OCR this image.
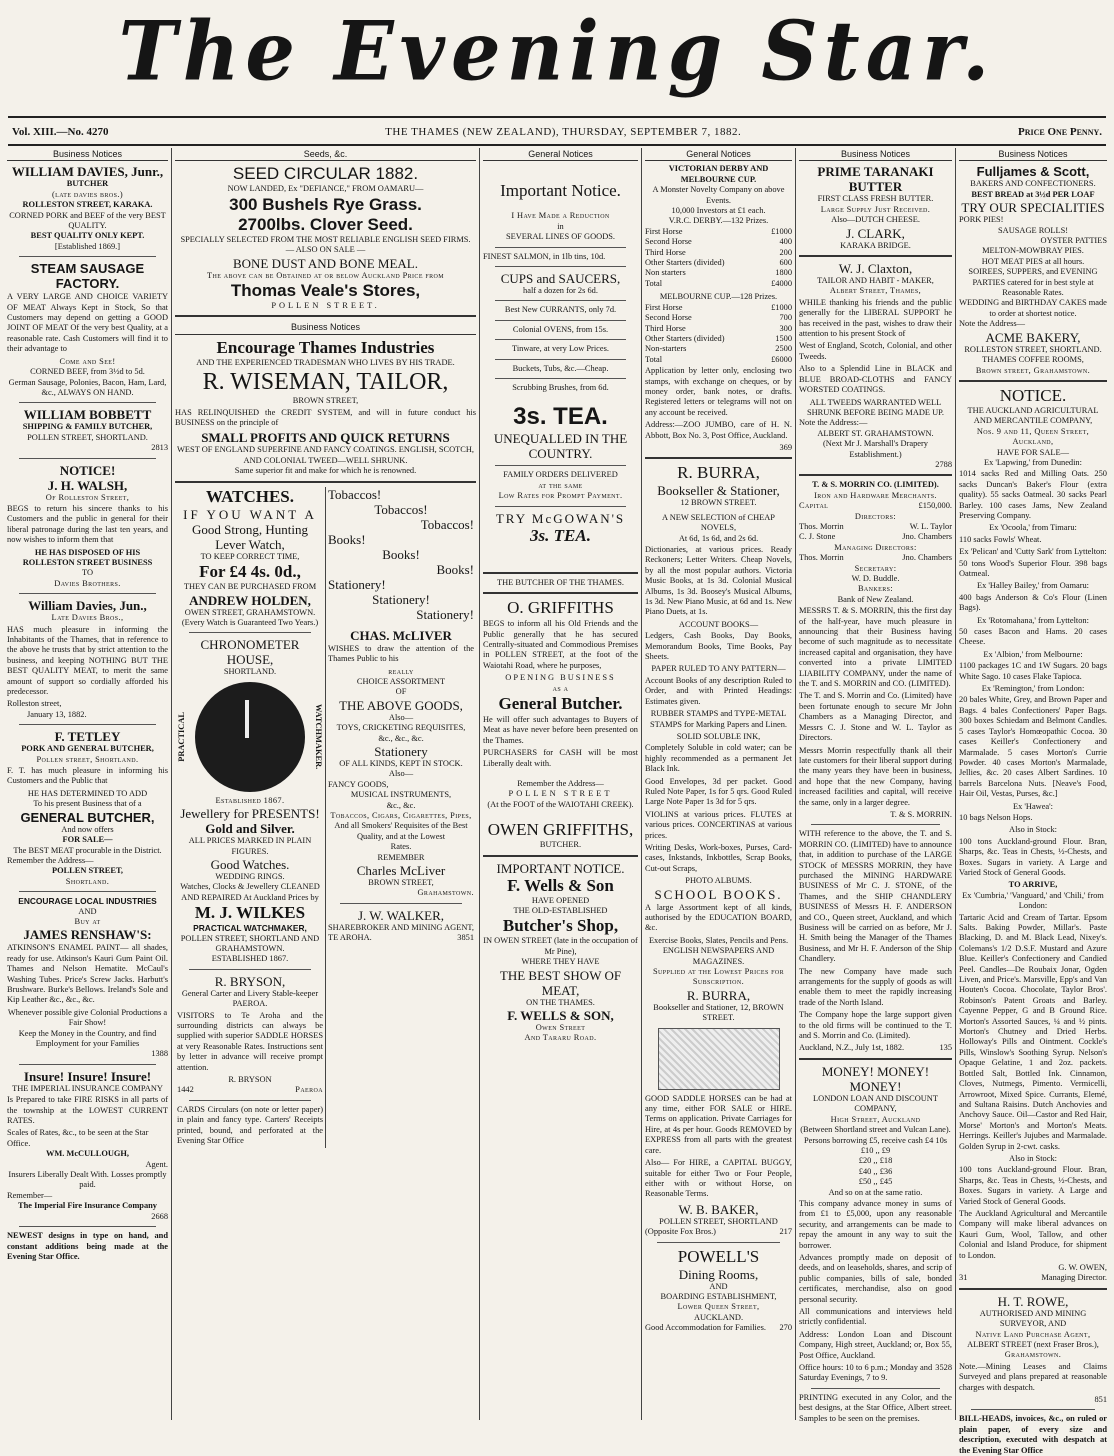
The Evening Star.
Vol. XIII.—No. 4270	THE THAMES (NEW ZEALAND), THURSDAY, SEPTEMBER 7, 1882.	Price One Penny.
Business Notices
WILLIAM DAVIES, Junr.,
BUTCHER
(late davies bros.)
ROLLESTON STREET, KARAKA.
CORNED PORK and BEEF of the very BEST QUALITY.
BEST QUALITY ONLY KEPT.
[Established 1869.]
STEAM SAUSAGE FACTORY.

A VERY LARGE AND CHOICE VARIETY OF MEAT Always Kept in Stock, So that Customers may depend on getting a GOOD JOINT OF MEAT Of the very best Quality, at a reasonable rate. Cash Customers will find it to their advantage to

Come and See!
CORNED BEEF, from 3½d to 5d.
German Sausage, Polonies, Bacon, Ham, Lard, &c., ALWAYS ON HAND.
WILLIAM BOBBETT
SHIPPING & FAMILY BUTCHER,
POLLEN STREET, SHORTLAND.
2813
NOTICE!
J. H. WALSH,
Of Rolleston Street,

BEGS to return his sincere thanks to his Customers and the public in general for their liberal patronage during the last ten years, and now wishes to inform them that

HE HAS DISPOSED OF HIS
ROLLESTON STREET BUSINESS
TO
Davies Brothers.
William Davies, Jun.,
Late Davies Bros.,

HAS much pleasure in informing the Inhabitants of the Thames, that in reference to the above he trusts that by strict attention to the business, and keeping NOTHING BUT THE BEST QUALITY MEAT, to merit the same amount of support so cordially afforded his predecessor.

Rolleston street,
January 13, 1882.
F. TETLEY
PORK AND GENERAL BUTCHER,
Pollen street, Shortland.

F. T. has much pleasure in informing his Customers and the Public that

HE HAS DETERMINED TO ADD
To his present Business that of a
GENERAL BUTCHER,
And now offers
FOR SALE—
The BEST MEAT procurable in the District.
Remember the Address—
POLLEN STREET,
Shortland.
ENCOURAGE LOCAL INDUSTRIES
AND
Buy at
JAMES RENSHAW'S:

ATKINSON'S ENAMEL PAINT— all shades, ready for use. Atkinson's Kauri Gum Paint Oil. Thames and Nelson Hematite. McCaul's Washing Tubes. Price's Screw Jacks. Harbutt's Brushware. Burke's Bellows. Ireland's Sole and Kip Leather &c., &c., &c.

Whenever possible give Colonial Productions a Fair Show!
Keep the Money in the Country, and find Employment for your Families
1388
Insure! Insure! Insure!
THE IMPERIAL INSURANCE COMPANY

Is Prepared to take FIRE RISKS in all parts of the township at the LOWEST CURRENT RATES.

Scales of Rates, &c., to be seen at the Star Office.
WM. McCULLOUGH,
Agent.
Insurers Liberally Dealt With. Losses promptly paid.
Remember—
The Imperial Fire Insurance Company
2668

NEWEST designs in type on hand, and constant additions being made at the Evening Star Office.

Seeds, &c.
SEED CIRCULAR 1882.
NOW LANDED, Ex "DEFIANCE," FROM OAMARU—
300 Bushels Rye Grass.
2700lbs. Clover Seed.
SPECIALLY SELECTED FROM THE MOST RELIABLE ENGLISH SEED FIRMS.
— ALSO ON SALE —
BONE DUST AND BONE MEAL.
The above can be Obtained at or below Auckland Price from
Thomas Veale's Stores,
POLLEN STREET.
Business Notices
Encourage Thames Industries
AND THE EXPERIENCED TRADESMAN WHO LIVES BY HIS TRADE.
R. WISEMAN, TAILOR,
BROWN STREET,

HAS RELINQUISHED the CREDIT SYSTEM, and will in future conduct his BUSINESS on the principle of

SMALL PROFITS AND QUICK RETURNS
WEST OF ENGLAND SUPERFINE AND FANCY COATINGS. ENGLISH, SCOTCH, AND COLONIAL TWEED—WELL SHRUNK.
Same superior fit and make for which he is renowned.
WATCHES.
IF YOU WANT A
Good Strong, Hunting Lever Watch,
TO KEEP CORRECT TIME,
For £4 4s. 0d.,
THEY CAN BE PURCHASED FROM
ANDREW HOLDEN,
OWEN STREET, GRAHAMSTOWN.
(Every Watch is Guaranteed Two Years.)
CHRONOMETER HOUSE,
SHORTLAND.
PRACTICAL	WATCHMAKER.
Established 1867.
Jewellery for PRESENTS!
Gold and Silver.
ALL PRICES MARKED IN PLAIN FIGURES.
Good Watches.
WEDDING RINGS.
Watches, Clocks & Jewellery CLEANED AND REPAIRED At Auckland Prices by
M. J. WILKES
PRACTICAL WATCHMAKER,
POLLEN STREET, SHORTLAND AND GRAHAMSTOWN.
ESTABLISHED 1867.
R. BRYSON,
General Carter and Livery Stable-keeper PAEROA.

VISITORS to Te Aroha and the surrounding districts can always be supplied with superior SADDLE HORSES at very Reasonable Rates. Instructions sent by letter in advance will receive prompt attention.

R. BRYSON
1442	Paeroa

CARDS Circulars (on note or letter paper) in plain and fancy type. Carters' Receipts printed, bound, and perforated at the Evening Star Office

Tobaccos!
Tobaccos!
Tobaccos!
Books!
Books!
Books!
Stationery!
Stationery!
Stationery!
CHAS. McLIVER

WISHES to draw the attention of the Thames Public to his

really
CHOICE ASSORTMENT
OF
THE ABOVE GOODS,
Also—
TOYS, CRICKETING REQUISITES,
&c., &c., &c.
Stationery
OF ALL KINDS, KEPT IN STOCK.
Also—
FANCY GOODS,
MUSICAL INSTRUMENTS,
&c., &c.
Tobaccos, Cigars, Cigarettes, Pipes,
And all Smokers' Requisites of the Best Quality, and at the Lowest
Rates.
REMEMBER
Charles McLiver
BROWN STREET,
Grahamstown.
J. W. WALKER,
SHAREBROKER AND MINING AGENT,
TE AROHA.	3851
General Notices
Important Notice.
I Have Made a Reduction
in
SEVERAL LINES OF GOODS.
FINEST SALMON, in 1lb tins, 10d.
CUPS and SAUCERS,
half a dozen for 2s 6d.
Best New CURRANTS, only 7d.
Colonial OVENS, from 15s.
Tinware, at very Low Prices.
Buckets, Tubs, &c.—Cheap.
Scrubbing Brushes, from 6d.
3s. TEA.
UNEQUALLED IN THE COUNTRY.
FAMILY ORDERS DELIVERED
at the same
Low Rates for Prompt Payment.
TRY McGOWAN'S
3s. TEA.
THE BUTCHER OF THE THAMES.
O. GRIFFITHS

BEGS to inform all his Old Friends and the Public generally that he has secured Centrally-situated and Commodious Premises in POLLEN STREET, at the foot of the Waiotahi Road, where he purposes,

OPENING BUSINESS
as a
General Butcher.

He will offer such advantages to Buyers of Meat as have never before been presented on the Thames.

PURCHASERS for CASH will be most Liberally dealt with.

Remember the Address—
POLLEN STREET
(At the FOOT of the WAIOTAHI CREEK).
OWEN GRIFFITHS,
BUTCHER.
IMPORTANT NOTICE.
F. Wells & Son
HAVE OPENED
THE OLD-ESTABLISHED
Butcher's Shop,
IN OWEN STREET (late in the occupation of Mr Pine),
WHERE THEY HAVE
THE BEST SHOW OF MEAT,
ON THE THAMES.
F. WELLS & SON,
Owen Street
And Tararu Road.
General Notices
VICTORIAN DERBY AND MELBOURNE CUP.
A Monster Novelty Company on above Events.
10,000 Investors at £1 each.
V.R.C. DERBY.—132 Prizes.
First Horse	£1000
Second Horse	400
Third Horse	200
Other Starters (divided)	600
Non starters	1800
Total	£4000
MELBOURNE CUP.—128 Prizes.
First Horse	£1000
Second Horse	700
Third Horse	300
Other Starters (divided)	1500
Non-starters	2500
Total	£6000

Application by letter only, enclosing two stamps, with exchange on cheques, or by money order, bank notes, or drafts. Registered letters or telegrams will not on any account be received.

Address:—ZOO JUMBO, care of H. N. Abbott, Box No. 3, Post Office, Auckland.

369
R. BURRA,
Bookseller & Stationer,
12 BROWN STREET.
A NEW SELECTION of CHEAP NOVELS,
At 6d, 1s 6d, and 2s 6d.

Dictionaries, at various prices. Ready Reckoners; Letter Writers. Cheap Novels, by all the most popular authors. Victoria Music Books, at 1s 3d. Colonial Musical Albums, 1s 3d. Boosey's Musical Albums, 1s 3d. New Piano Music, at 6d and 1s. New Piano Duets, at 1s.

ACCOUNT BOOKS—

Ledgers, Cash Books, Day Books, Memorandum Books, Time Books, Pay Sheets.

PAPER RULED TO ANY PATTERN—

Account Books of any description Ruled to Order, and with Printed Headings: Estimates given.

RUBBER STAMPS and TYPE-METAL STAMPS for Marking Papers and Linen.

SOLID SOLUBLE INK,

Completely Soluble in cold water; can be highly recommended as a permanent Jet Black Ink.

Good Envelopes, 3d per packet. Good Ruled Note Paper, 1s for 5 qrs. Good Ruled Large Note Paper 1s 3d for 5 qrs.

VIOLINS at various prices. FLUTES at various prices. CONCERTINAS at various prices.

Writing Desks, Work-boxes, Purses, Card-cases, Inkstands, Inkbottles, Scrap Books, Cut-out Scraps,

PHOTO ALBUMS.
SCHOOL BOOKS.

A large Assortment kept of all kinds, authorised by the EDUCATION BOARD, &c.

Exercise Books, Slates, Pencils and Pens.
ENGLISH NEWSPAPERS AND MAGAZINES.
Supplied at the Lowest Prices for Subscription.
R. BURRA,
Bookseller and Stationer, 12, BROWN STREET.

GOOD SADDLE HORSES can be had at any time, either FOR SALE or HIRE. Terms on application. Private Carriages for Hire, at 4s per hour. Goods REMOVED by EXPRESS from all parts with the greatest care.

Also— For HIRE, a CAPITAL BUGGY, suitable for either Two or Four People, either with or without Horse, on Reasonable Terms.

W. B. BAKER,
POLLEN STREET, SHORTLAND
(Opposite Fox Bros.)	217
POWELL'S
Dining Rooms,
AND
BOARDING ESTABLISHMENT,
Lower Queen Street,
AUCKLAND.
Good Accommodation for Families. 270
Business Notices
PRIME TARANAKI BUTTER
FIRST CLASS FRESH BUTTER.
Large Supply Just Received.
Also—DUTCH CHEESE.
J. CLARK,
KARAKA BRIDGE.
W. J. Claxton,
TAILOR AND HABIT - MAKER,
Albert Street, Thames,

WHILE thanking his friends and the public generally for the LIBERAL SUPPORT he has received in the past, wishes to draw their attention to his present Stock of

West of England, Scotch, Colonial, and other Tweeds.

Also to a Splendid Line in BLACK and BLUE BROAD-CLOTHS and FANCY WORSTED COATINGS.

ALL TWEEDS WARRANTED WELL SHRUNK BEFORE BEING MADE UP.
Note the Address:—
ALBERT ST. GRAHAMSTOWN.
(Next Mr J. Marshall's Drapery Establishment.)
2788
T. & S. MORRIN CO. (LIMITED).
Iron and Hardware Merchants.
Capital	£150,000.
Directors:
Thos. Morrin	W. L. Taylor
C. J. Stone	Jno. Chambers
Managing Directors:
Thos. Morrin	Jno. Chambers
Secretary:
W. D. Buddle.
Bankers:
Bank of New Zealand.

MESSRS T. & S. MORRIN, this the first day of the half-year, have much pleasure in announcing that their Business having become of such magnitude as to necessitate increased capital and organisation, they have converted into a private LIMITED LIABILITY COMPANY, under the name of the T. and S. MORRIN and CO. (LIMITED).

The T. and S. Morrin and Co. (Limited) have been fortunate enough to secure Mr John Chambers as a Managing Director, and Messrs C. J. Stone and W. L. Taylor as Directors.

Messrs Morrin respectfully thank all their late customers for their liberal support during the many years they have been in business, and hope that the new Company, having increased facilities and capital, will receive the same, only in a larger degree.

T. & S. MORRIN.

WITH reference to the above, the T. and S. MORRIN CO. (LIMITED) have to announce that, in addition to purchase of the LARGE STOCK of MESSRS MORRIN, they have purchased the MINING HARDWARE BUSINESS of Mr C. J. STONE, of the Thames, and the SHIP CHANDLERY BUSINESS of Messrs H. F. ANDERSON and CO., Queen street, Auckland, and which Business will be carried on as before, Mr J. H. Smith being the Manager of the Thames Business, and Mr H. F. Anderson of the Ship Chandlery.

The new Company have made such arrangements for the supply of goods as will enable them to meet the rapidly increasing trade of the North Island.

The Company hope the large support given to the old firms will be continued to the T. and S. Morrin and Co. (Limited).

Auckland, N.Z., July 1st, 1882.	135
MONEY! MONEY! MONEY!
LONDON LOAN AND DISCOUNT COMPANY,
High Street, Auckland
(Between Shortland street and Vulcan Lane).
Persons borrowing £5, receive cash £4 10s
£10 ,, £9
£20 ,, £18
£40 ,, £36
£50 ,, £45
And so on at the same ratio.

This company advance money in sums of from £1 to £5,000, upon any reasonable security, and arrangements can be made to repay the amount in any way to suit the borrower.

Advances promptly made on deposit of deeds, and on leaseholds, shares, and scrip of public companies, bills of sale, bonded certificates, merchandise, also on good personal security.

All communications and interviews held strictly confidential.

Address: London Loan and Discount Company, High street, Auckland; or, Box 55, Post Office, Auckland.

Office hours: 10 to 6 p.m.; Monday and Saturday Evenings, 7 to 9.
3528

PRINTING executed in any Color, and the best designs, at the Star Office, Albert street. Samples to be seen on the premises.

Business Notices
Fulljames & Scott,
BAKERS AND CONFECTIONERS.
BEST BREAD at 3½d PER LOAF
TRY OUR SPECIALITIES
PORK PIES!
SAUSAGE ROLLS!
OYSTER PATTIES
MELTON-MOWBRAY PIES.
HOT MEAT PIES at all hours.
SOIREES, SUPPERS, and EVENING PARTIES catered for in best style at Reasonable Rates.
WEDDING and BIRTHDAY CAKES made to order at shortest notice.
Note the Address—
ACME BAKERY,
ROLLESTON STREET, SHORTLAND.
THAMES COFFEE ROOMS,
Brown street, Grahamstown.
NOTICE.
THE AUCKLAND AGRICULTURAL AND MERCANTILE COMPANY,
Nos. 9 and 11, Queen Street, Auckland,
HAVE FOR SALE—
Ex 'Lapwing,' from Dunedin:

1014 sacks Red and Milling Oats. 250 sacks Duncan's Baker's Flour (extra quality). 55 sacks Oatmeal. 30 sacks Pearl Barley. 100 cases Jams, New Zealand Preserving Company.

Ex 'Ocoola,' from Timaru:

110 sacks Fowls' Wheat.

Ex 'Pelican' and 'Cutty Sark' from Lyttelton:

50 tons Wood's Superior Flour. 398 bags Oatmeal.

Ex 'Halley Bailey,' from Oamaru:

400 bags Anderson & Co's Flour (Linen Bags).

Ex 'Rotomahana,' from Lyttelton:

50 cases Bacon and Hams. 20 cases Cheese.

Ex 'Albion,' from Melbourne:

1100 packages 1C and 1W Sugars. 20 bags White Sago. 10 cases Flake Tapioca.

Ex 'Remington,' from London:

20 bales White, Grey, and Brown Paper and Bags. 4 bales Confectioners' Paper Bags. 300 boxes Schiedam and Belmont Candles. 5 cases Taylor's Homœopathic Cocoa. 30 cases Keiller's Confectionery and Marmalade. 5 cases Morton's Currie Powder. 40 cases Morton's Marmalade, Jellies, &c. 20 cases Albert Sardines. 10 barrels Barcelona Nuts. [Neave's Food, Hair Oil, Vestas, Purses, &c.]

Ex 'Hawea':

10 bags Nelson Hops.

Also in Stock:

100 tons Auckland-ground Flour. Bran, Sharps, &c. Teas in Chests, ½-Chests, and Boxes. Sugars in variety. A Large and Varied Stock of General Goods.

TO ARRIVE,
Ex 'Cumbria,' 'Vanguard,' and 'Chili,' from London:

Tartaric Acid and Cream of Tartar. Epsom Salts. Baking Powder, Millar's. Paste Blacking, D. and M. Black Lead, Nixey's. Colemans's 1/2 D.S.F. Mustard and Azure Blue. Keiller's Confectionery and Candied Peel. Candles—De Roubaix Jonar, Ogden Liven, and Price's. Marsville, Epp's and Van Houten's Cocoa. Chocolate, Taylor Bros'. Robinson's Patent Groats and Barley. Cayenne Pepper, G and B Ground Rice. Morton's Assorted Sauces, ¼ and ½ pints. Morton's Chutney and Dried Herbs. Holloway's Pills and Ointment. Cockle's Pills, Winslow's Soothing Syrup. Nelson's Opaque Gelatine, 1 and 2oz. packets. Bottled Salt, Bottled Ink. Cinnamon, Cloves, Nutmegs, Pimento. Vermicelli, Arrowroot, Mixed Spice. Currants, Elemé, and Sultana Raisins. Dutch Anchovies and Anchovy Sauce. Oil—Castor and Red Hair, Morse' Morton's and Morton's Meats. Herrings. Keiller's Jujubes and Marmalade. Golden Syrup in 2-cwt. casks.

Also in Stock:

100 tons Auckland-ground Flour. Bran, Sharps, &c. Teas in Chests, ½-Chests, and Boxes. Sugars in variety. A Large and Varied Stock of General Goods.

The Auckland Agricultural and Mercantile Company will make liberal advances on Kauri Gum, Wool, Tallow, and other Colonial and Island Produce, for shipment to London.

G. W. OWEN,
31	Managing Director.
H. T. ROWE,
AUTHORISED AND MINING SURVEYOR, AND
Native Land Purchase Agent,
ALBERT STREET (next Fraser Bros.),
Grahamstown.

Note.—Mining Leases and Claims Surveyed and plans prepared at reasonable charges with despatch.

851

BILL-HEADS, invoices, &c., on ruled or plain paper, of every size and description, executed with despatch at the Evening Star Office
